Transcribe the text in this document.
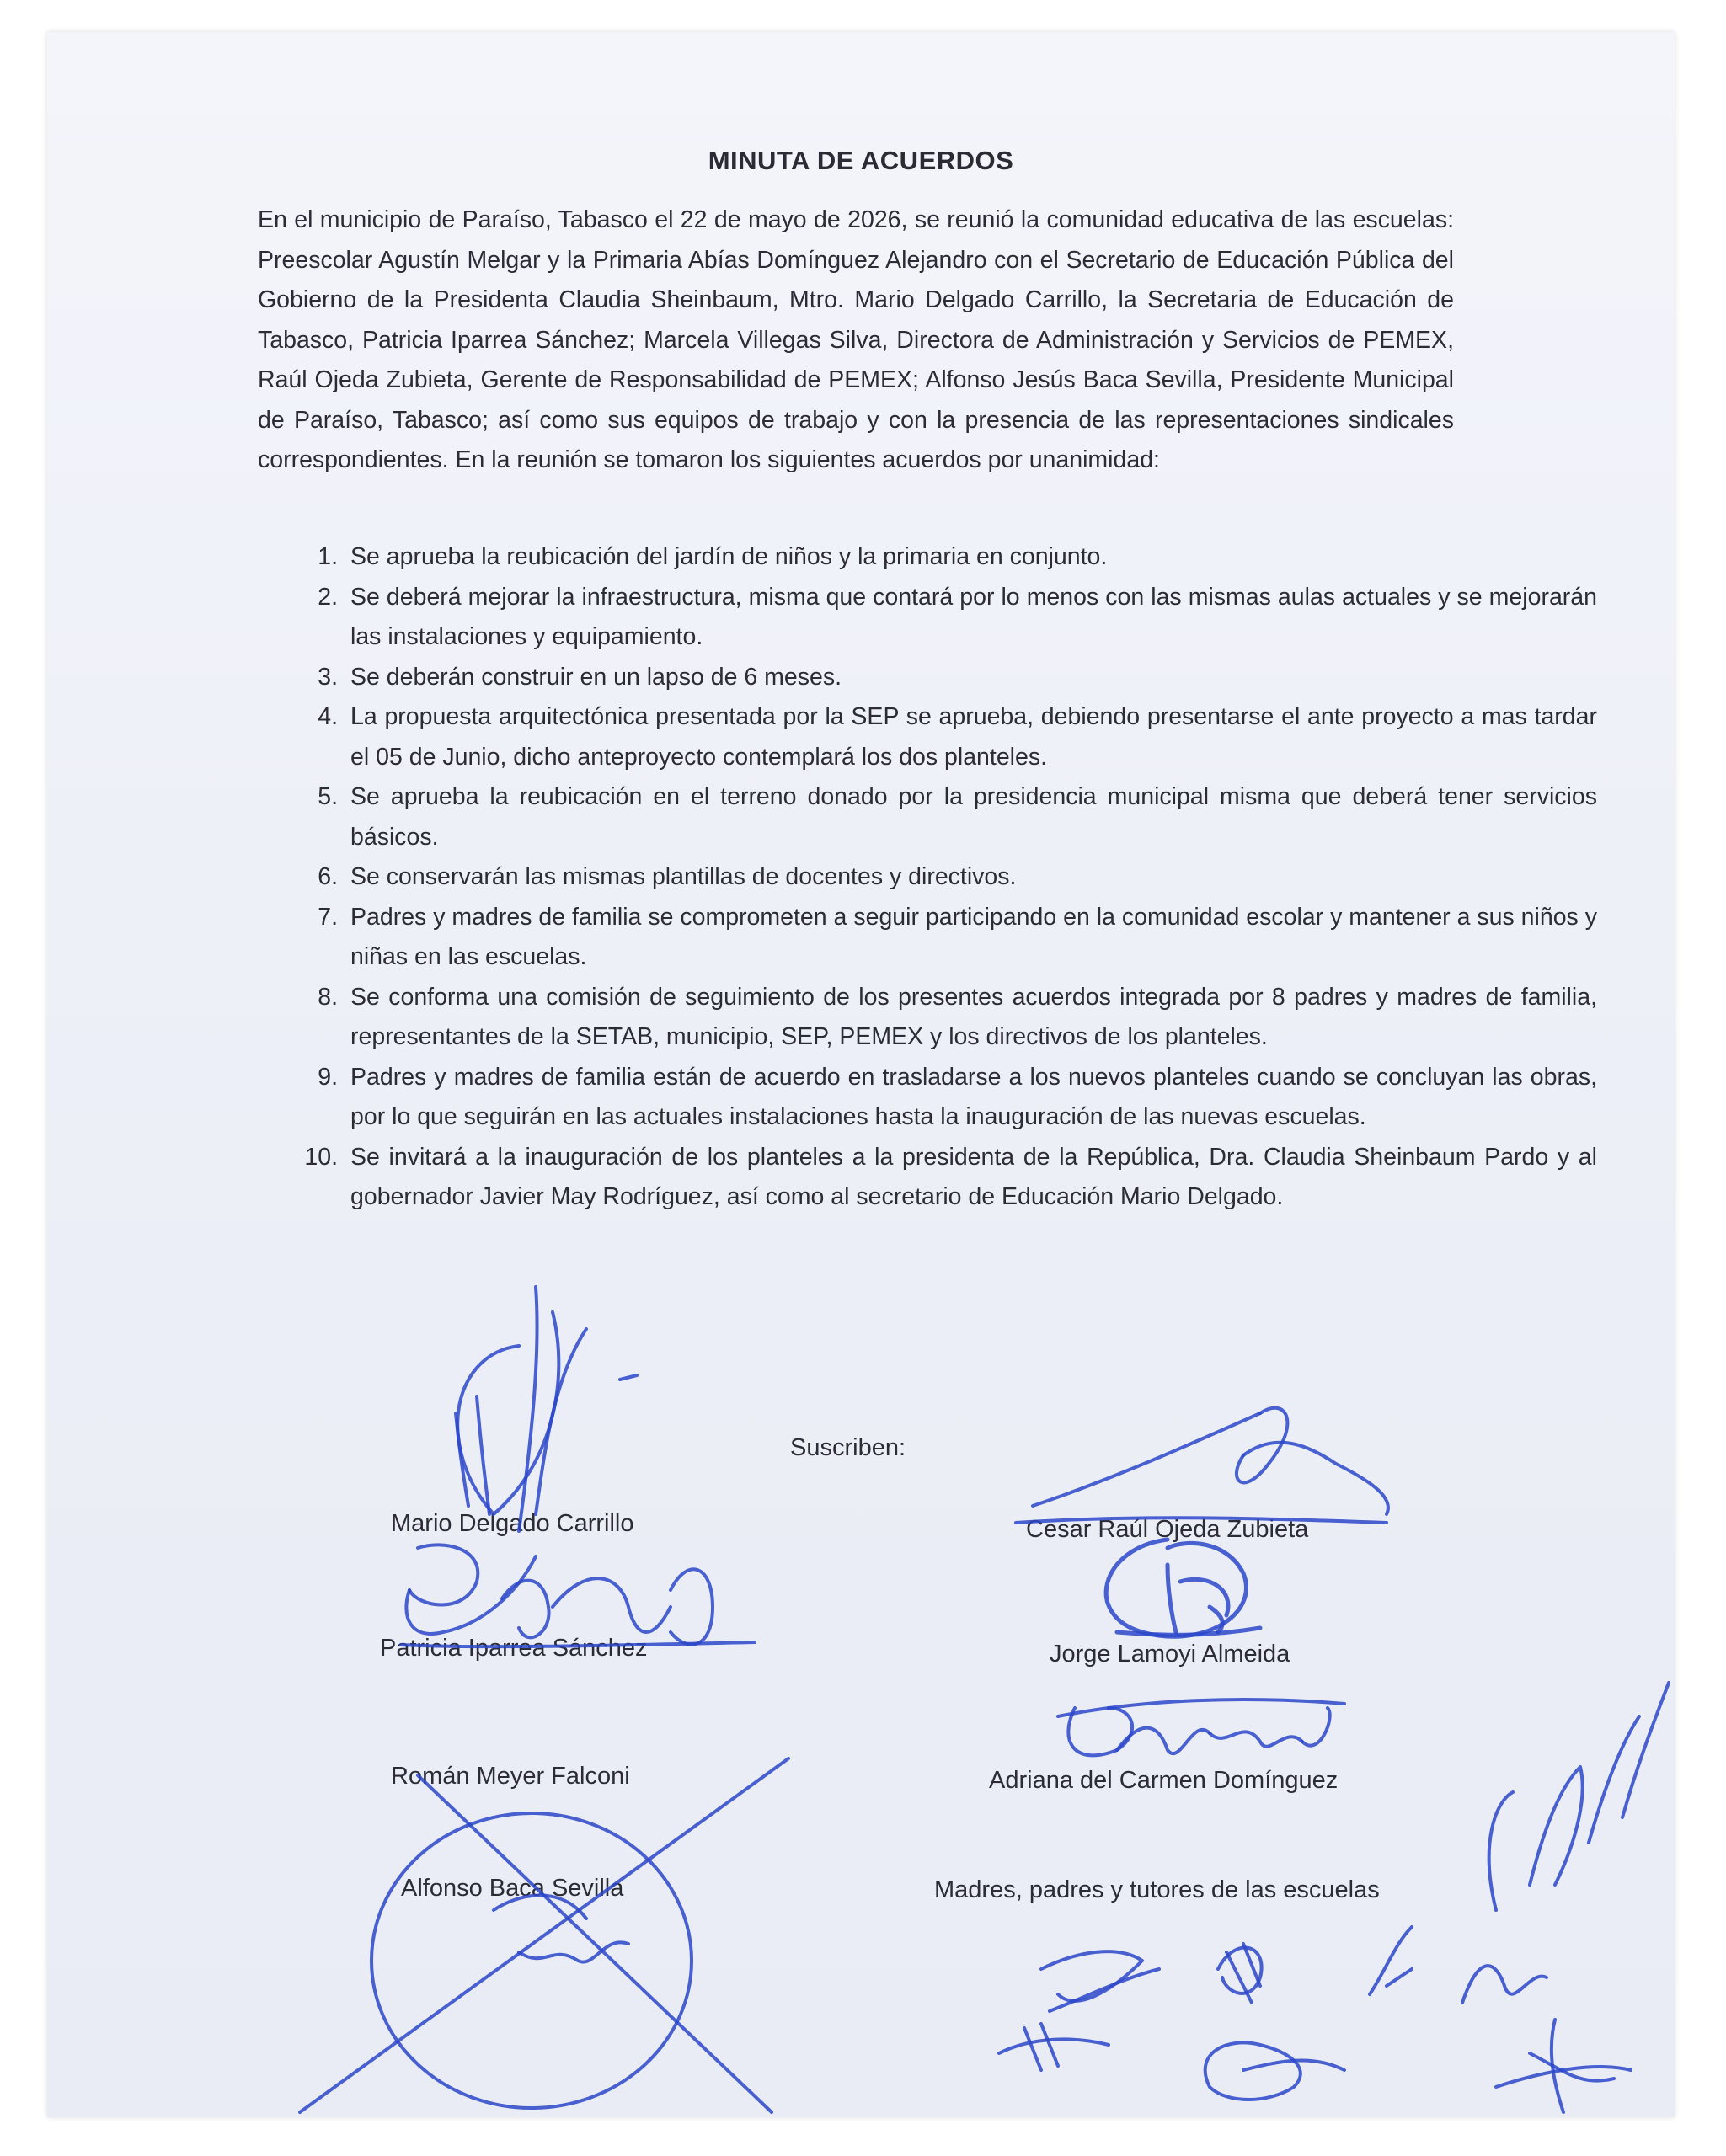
MINUTA DE ACUERDOS

En el municipio de Paraíso, Tabasco el 22 de mayo de 2026, se reunió la comunidad educativa de las escuelas: Preescolar Agustín Melgar y la Primaria Abías Domínguez Alejandro con el Secretario de Educación Pública del Gobierno de la Presidenta Claudia Sheinbaum, Mtro. Mario Delgado Carrillo, la Secretaria de Educación de Tabasco, Patricia Iparrea Sánchez; Marcela Villegas Silva, Directora de Administración y Servicios de PEMEX, Raúl Ojeda Zubieta, Gerente de Responsabilidad de PEMEX; Alfonso Jesús Baca Sevilla, Presidente Municipal de Paraíso, Tabasco; así como sus equipos de trabajo y con la presencia de las representaciones sindicales correspondientes. En la reunión se tomaron los siguientes acuerdos por unanimidad:

Se aprueba la reubicación del jardín de niños y la primaria en conjunto.
Se deberá mejorar la infraestructura, misma que contará por lo menos con las mismas aulas actuales y se mejorarán las instalaciones y equipamiento.
Se deberán construir en un lapso de 6 meses.
La propuesta arquitectónica presentada por la SEP se aprueba, debiendo presentarse el ante proyecto a mas tardar el 05 de Junio, dicho anteproyecto contemplará los dos planteles.
Se aprueba la reubicación en el terreno donado por la presidencia municipal misma que deberá tener servicios básicos.
Se conservarán las mismas plantillas de docentes y directivos.
Padres y madres de familia se comprometen a seguir participando en la comunidad escolar y mantener a sus niños y niñas en las escuelas.
Se conforma una comisión de seguimiento de los presentes acuerdos integrada por 8 padres y madres de familia, representantes de la SETAB, municipio, SEP, PEMEX y los directivos de los planteles.
Padres y madres de familia están de acuerdo en trasladarse a los nuevos planteles cuando se concluyan las obras, por lo que seguirán en las actuales instalaciones hasta la inauguración de las nuevas escuelas.
Se invitará a la inauguración de los planteles a la presidenta de la República, Dra. Claudia Sheinbaum Pardo y al gobernador Javier May Rodríguez, así como al secretario de Educación Mario Delgado.
Suscriben:
Mario Delgado Carrillo
Patricia Iparrea Sánchez
Román Meyer Falconi
Alfonso Baca Sevilla
Cesar Raúl Ojeda Zubieta
Jorge Lamoyi Almeida
Adriana del Carmen Domínguez
Madres, padres y tutores de las escuelas
